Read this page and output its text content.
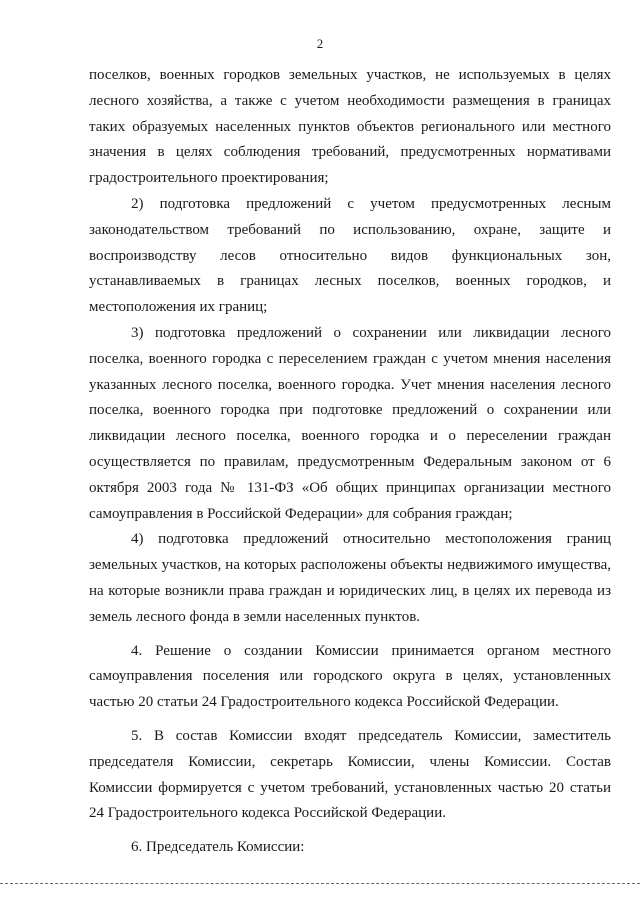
2

поселков, военных городков земельных участков, не используемых в целях лесного хозяйства, а также с учетом необходимости размещения в границах таких образуемых населенных пунктов объектов регионального или местного значения в целях соблюдения требований, предусмотренных нормативами градостроительного проектирования;

2) подготовка предложений с учетом предусмотренных лесным законодательством требований по использованию, охране, защите и воспроизводству лесов относительно видов функциональных зон, устанавливаемых в границах лесных поселков, военных городков, и местоположения их границ;

3) подготовка предложений о сохранении или ликвидации лесного поселка, военного городка с переселением граждан с учетом мнения населения указанных лесного поселка, военного городка. Учет мнения населения лесного поселка, военного городка при подготовке предложений о сохранении или ликвидации лесного поселка, военного городка и о переселении граждан осуществляется по правилам, предусмотренным Федеральным законом от 6 октября 2003 года № 131-ФЗ «Об общих принципах организации местного самоуправления в Российской Федерации» для собрания граждан;

4) подготовка предложений относительно местоположения границ земельных участков, на которых расположены объекты недвижимого имущества, на которые возникли права граждан и юридических лиц, в целях их перевода из земель лесного фонда в земли населенных пунктов.

4. Решение о создании Комиссии принимается органом местного самоуправления поселения или городского округа в целях, установленных частью 20 статьи 24 Градостроительного кодекса Российской Федерации.

5. В состав Комиссии входят председатель Комиссии, заместитель председателя Комиссии, секретарь Комиссии, члены Комиссии. Состав Комиссии формируется с учетом требований, установленных частью 20 статьи 24 Градостроительного кодекса Российской Федерации.

6. Председатель Комиссии:
